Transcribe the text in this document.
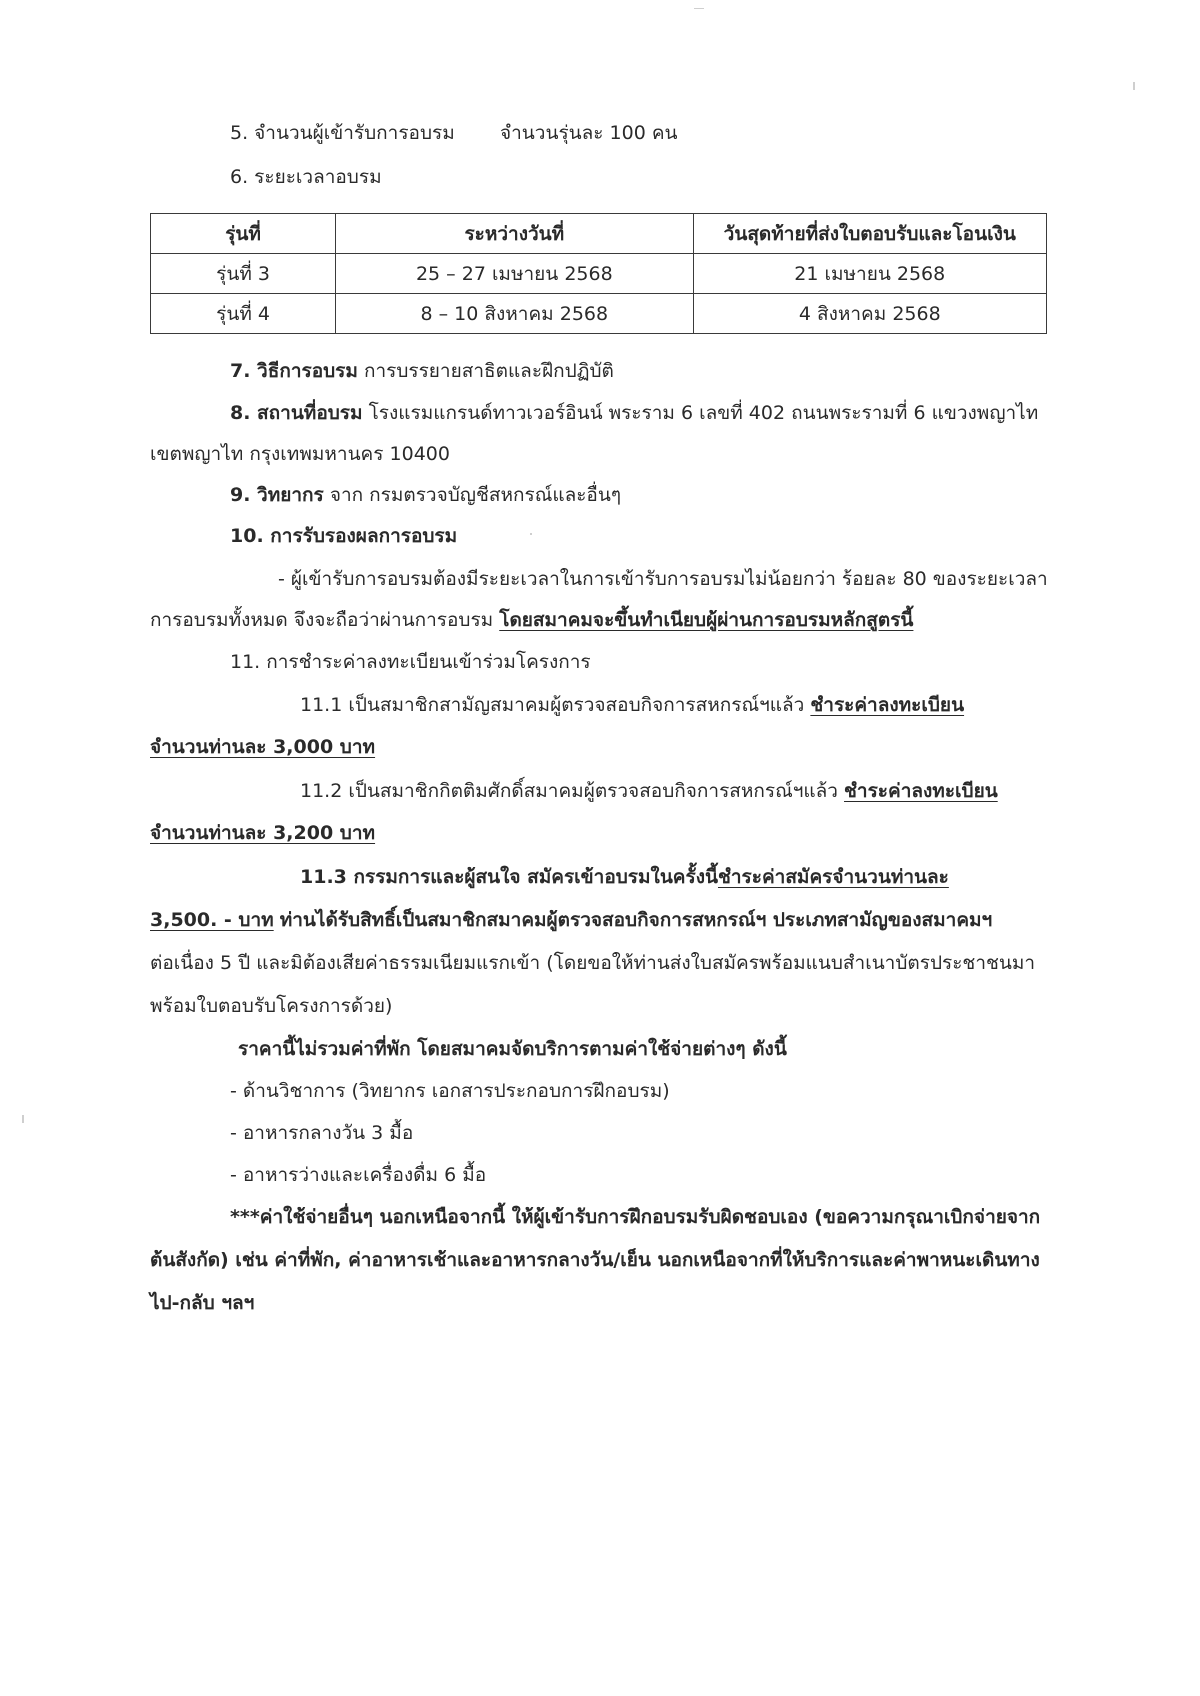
5. จำนวนผู้เข้ารับการอบรม จำนวนรุ่นละ 100 คน
6. ระยะเวลาอบรม
รุ่นที่	ระหว่างวันที่	วันสุดท้ายที่ส่งใบตอบรับและโอนเงิน
รุ่นที่ 3	25 – 27 เมษายน 2568	21 เมษายน 2568
รุ่นที่ 4	8 – 10 สิงหาคม 2568	4 สิงหาคม 2568
7. วิธีการอบรม การบรรยายสาธิตและฝึกปฏิบัติ
8. สถานที่อบรม โรงแรมแกรนด์ทาวเวอร์อินน์ พระราม 6 เลขที่ 402 ถนนพระรามที่ 6 แขวงพญาไท
เขตพญาไท กรุงเทพมหานคร 10400
9. วิทยากร จาก กรมตรวจบัญชีสหกรณ์และอื่นๆ
10. การรับรองผลการอบรม
- ผู้เข้ารับการอบรมต้องมีระยะเวลาในการเข้ารับการอบรมไม่น้อยกว่า ร้อยละ 80 ของระยะเวลา
การอบรมทั้งหมด จึงจะถือว่าผ่านการอบรม โดยสมาคมจะขึ้นทำเนียบผู้ผ่านการอบรมหลักสูตรนี้
11. การชำระค่าลงทะเบียนเข้าร่วมโครงการ
11.1 เป็นสมาชิกสามัญสมาคมผู้ตรวจสอบกิจการสหกรณ์ฯแล้ว ชำระค่าลงทะเบียน
จำนวนท่านละ 3,000 บาท
11.2 เป็นสมาชิกกิตติมศักดิ์สมาคมผู้ตรวจสอบกิจการสหกรณ์ฯแล้ว ชำระค่าลงทะเบียน
จำนวนท่านละ 3,200 บาท
11.3 กรรมการและผู้สนใจ สมัครเข้าอบรมในครั้งนี้ชำระค่าสมัครจำนวนท่านละ
3,500. - บาท ท่านได้รับสิทธิ์เป็นสมาชิกสมาคมผู้ตรวจสอบกิจการสหกรณ์ฯ ประเภทสามัญของสมาคมฯ
ต่อเนื่อง 5 ปี และมิต้องเสียค่าธรรมเนียมแรกเข้า (โดยขอให้ท่านส่งใบสมัครพร้อมแนบสำเนาบัตรประชาชนมา
พร้อมใบตอบรับโครงการด้วย)
ราคานี้ไม่รวมค่าที่พัก โดยสมาคมจัดบริการตามค่าใช้จ่ายต่างๆ ดังนี้
- ด้านวิชาการ (วิทยากร เอกสารประกอบการฝึกอบรม)
- อาหารกลางวัน 3 มื้อ
- อาหารว่างและเครื่องดื่ม 6 มื้อ
***ค่าใช้จ่ายอื่นๆ นอกเหนือจากนี้ ให้ผู้เข้ารับการฝึกอบรมรับผิดชอบเอง (ขอความกรุณาเบิกจ่ายจาก
ต้นสังกัด) เช่น ค่าที่พัก, ค่าอาหารเช้าและอาหารกลางวัน/เย็น นอกเหนือจากที่ให้บริการและค่าพาหนะเดินทาง
ไป-กลับ ฯลฯ
